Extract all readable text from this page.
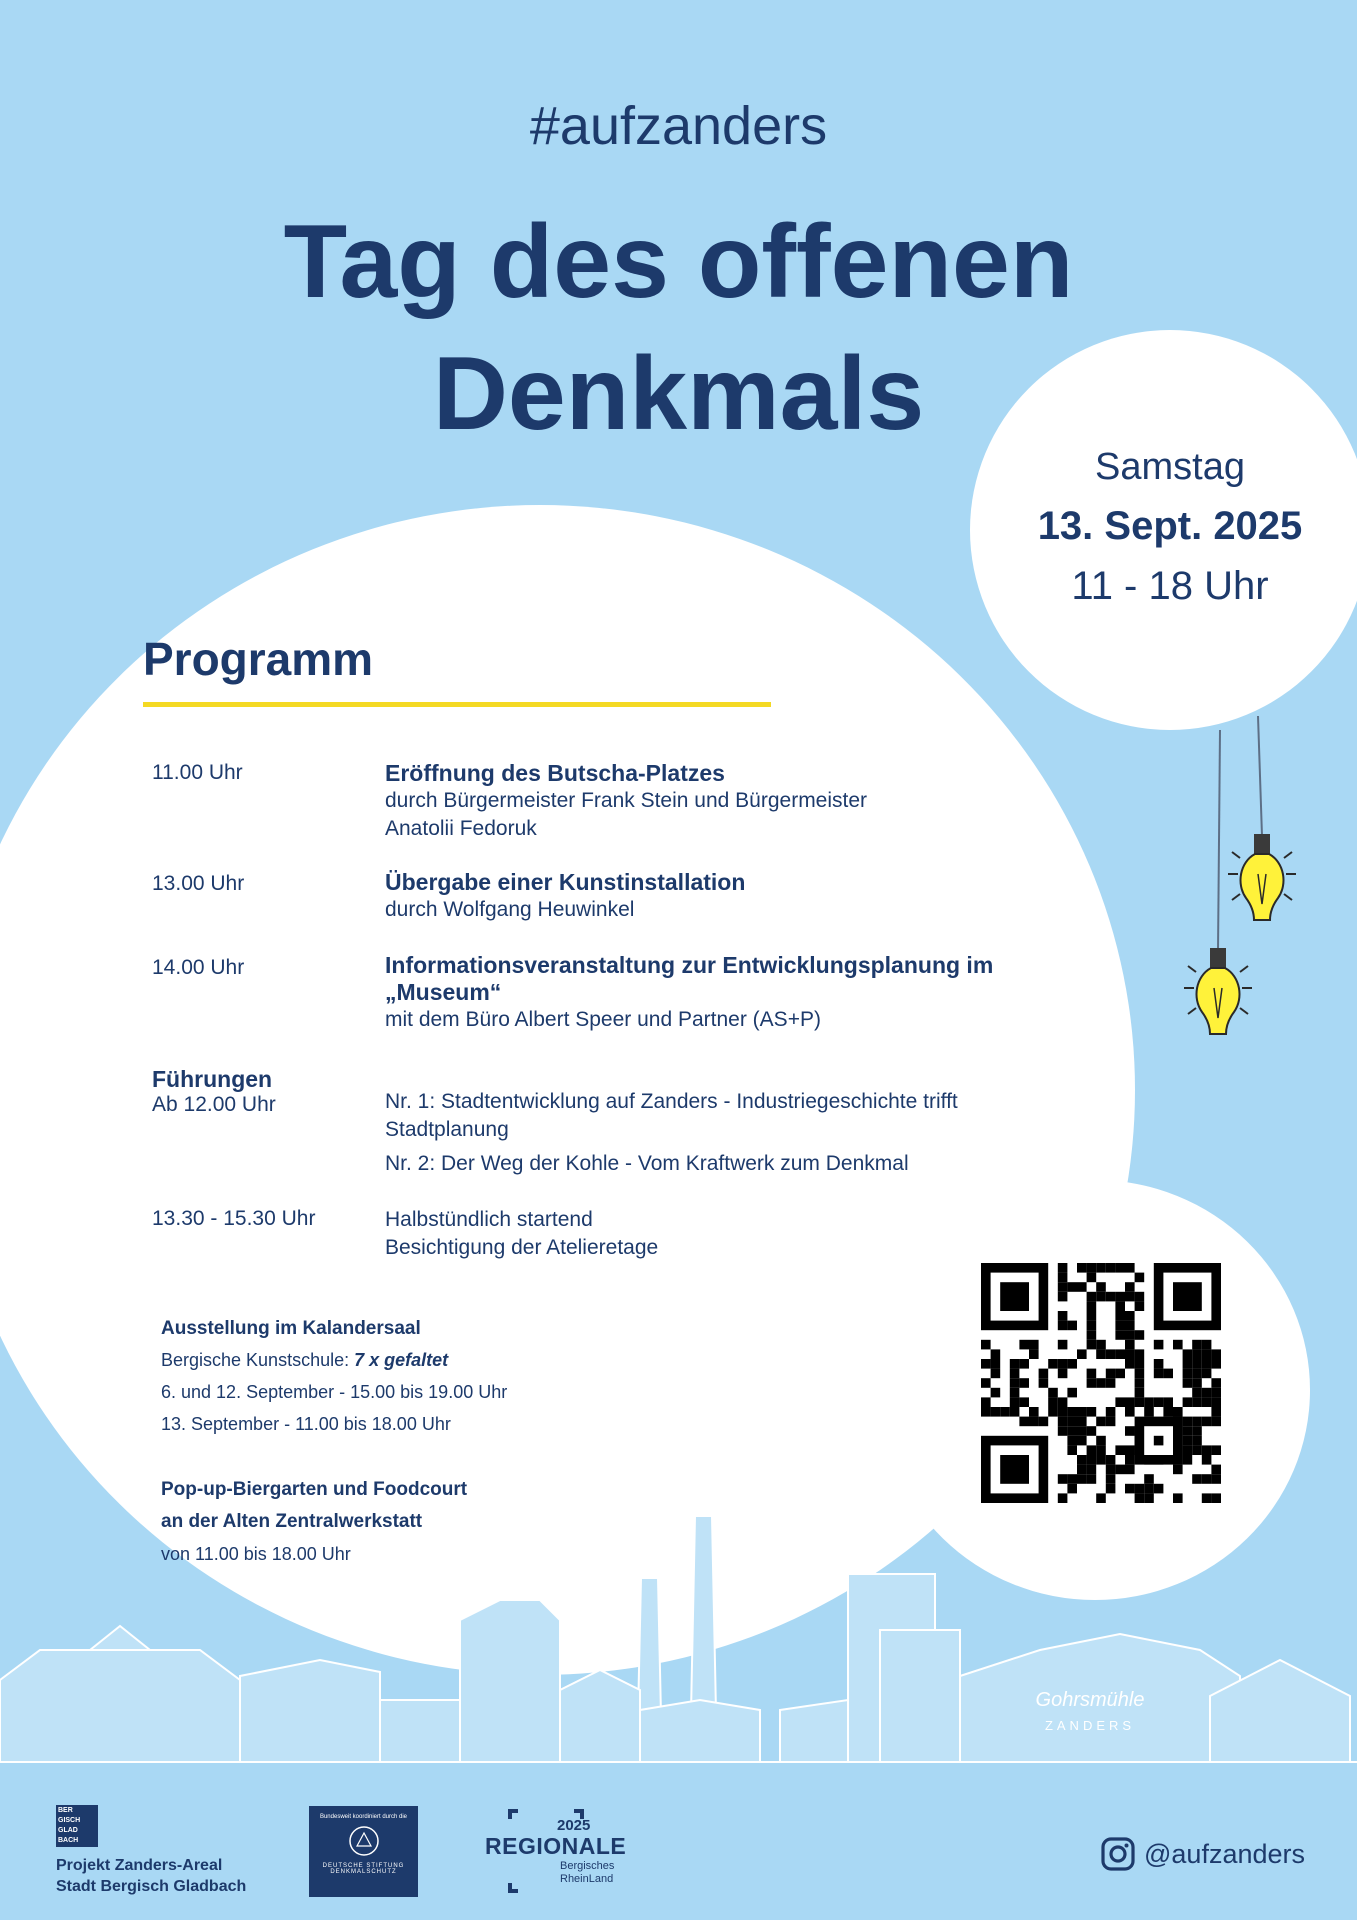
Samstag
13. Sept. 2025
11 - 18 Uhr
#aufzanders
Tag des offenen
Denkmals
Programm
11.00 Uhr	Eröffnung des Butscha-Platzes
durch Bürgermeister Frank Stein und Bürgermeister
Anatolii Fedoruk
13.00 Uhr	Übergabe einer Kunstinstallation
durch Wolfgang Heuwinkel
14.00 Uhr	Informationsveranstaltung zur Entwicklungsplanung im
„Museum“
mit dem Büro Albert Speer und Partner (AS+P)
Führungen
Ab 12.00 Uhr	Nr. 1: Stadtentwicklung auf Zanders - Industriegeschichte trifft
Stadtplanung
Nr. 2: Der Weg der Kohle - Vom Kraftwerk zum Denkmal
13.30 - 15.30 Uhr	Halbstündlich startend
Besichtigung der Atelieretage
Ausstellung im Kalandersaal
Bergische Kunstschule: 7 x gefaltet
6. und 12. September - 15.00 bis 19.00 Uhr
13. September - 11.00 bis 18.00 Uhr
Pop-up-Biergarten und Foodcourt
an der Alten Zentralwerkstatt
von 11.00 bis 18.00 Uhr
Gohrsmühle
ZANDERS
BER
GISCH
GLAD
BACH
Projekt Zanders-Areal
Stadt Bergisch Gladbach
Bundesweit koordiniert durch die
DEUTSCHE STIFTUNG
DENKMALSCHUTZ
2025
REGIONALE
Bergisches
RheinLand
@aufzanders
